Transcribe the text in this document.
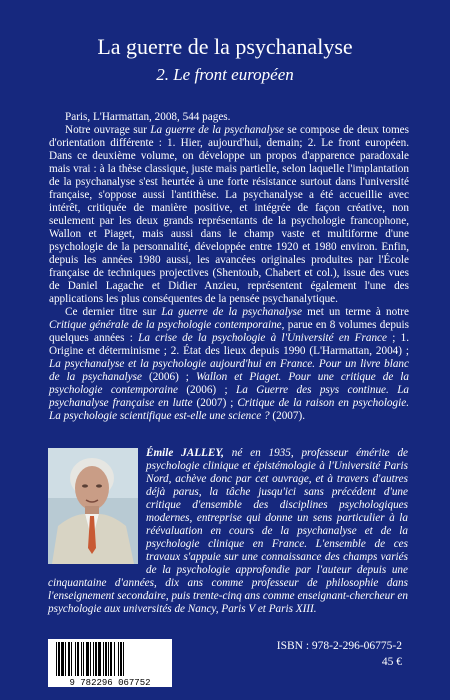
La guerre de la psychanalyse
2. Le front européen

Paris, L'Harmattan, 2008, 544 pages.

Notre ouvrage sur La guerre de la psychanalyse se compose de deux tomes d'orientation différente : 1. Hier, aujourd'hui, demain; 2. Le front européen. Dans ce deuxième volume, on développe un propos d'apparence paradoxale mais vrai : à la thèse classique, juste mais partielle, selon laquelle l'implantation de la psychanalyse s'est heurtée à une forte résistance surtout dans l'université française, s'oppose aussi l'antithèse. La psychanalyse a été accueillie avec intérêt, critiquée de manière positive, et intégrée de façon créative, non seulement par les deux grands représentants de la psychologie francophone, Wallon et Piaget, mais aussi dans le champ vaste et multiforme d'une psychologie de la personnalité, développée entre 1920 et 1980 environ. Enfin, depuis les années 1980 aussi, les avancées originales produites par l'École française de techniques projectives (Shentoub, Chabert et col.), issue des vues de Daniel Lagache et Didier Anzieu, représentent également l'une des applications les plus conséquentes de la pensée psychanalytique.

Ce dernier titre sur La guerre de la psychanalyse met un terme à notre Critique générale de la psychologie contemporaine, parue en 8 volumes depuis quelques années : La crise de la psychologie à l'Université en France ; 1. Origine et déterminisme ; 2. État des lieux depuis 1990 (L'Harmattan, 2004) ; La psychanalyse et la psychologie aujourd'hui en France. Pour un livre blanc de la psychanalyse (2006) ; Wallon et Piaget. Pour une critique de la psychologie contemporaine (2006) ; La Guerre des psys continue. La psychanalyse française en lutte (2007) ; Critique de la raison en psychologie. La psychologie scientifique est-elle une science ? (2007).

Émile JALLEY, né en 1935, professeur émérite de psychologie clinique et épistémologie à l'Université Paris Nord, achève donc par cet ouvrage, et à travers d'autres déjà parus, la tâche jusqu'ici sans précédent d'une critique d'ensemble des disciplines psychologiques modernes, entreprise qui donne un sens particulier à la réévaluation en cours de la psychanalyse et de la psychologie clinique en France. L'ensemble de ces travaux s'appuie sur une connaissance des champs variés de la psychologie approfondie par l'auteur depuis une cinquantaine d'années, dix ans comme professeur de philosophie dans l'enseignement secondaire, puis trente-cinq ans comme enseignant-chercheur en psychologie aux universités de Nancy, Paris V et Paris XIII.
9 782296 067752
ISBN : 978-2-296-06775-2
45 €
